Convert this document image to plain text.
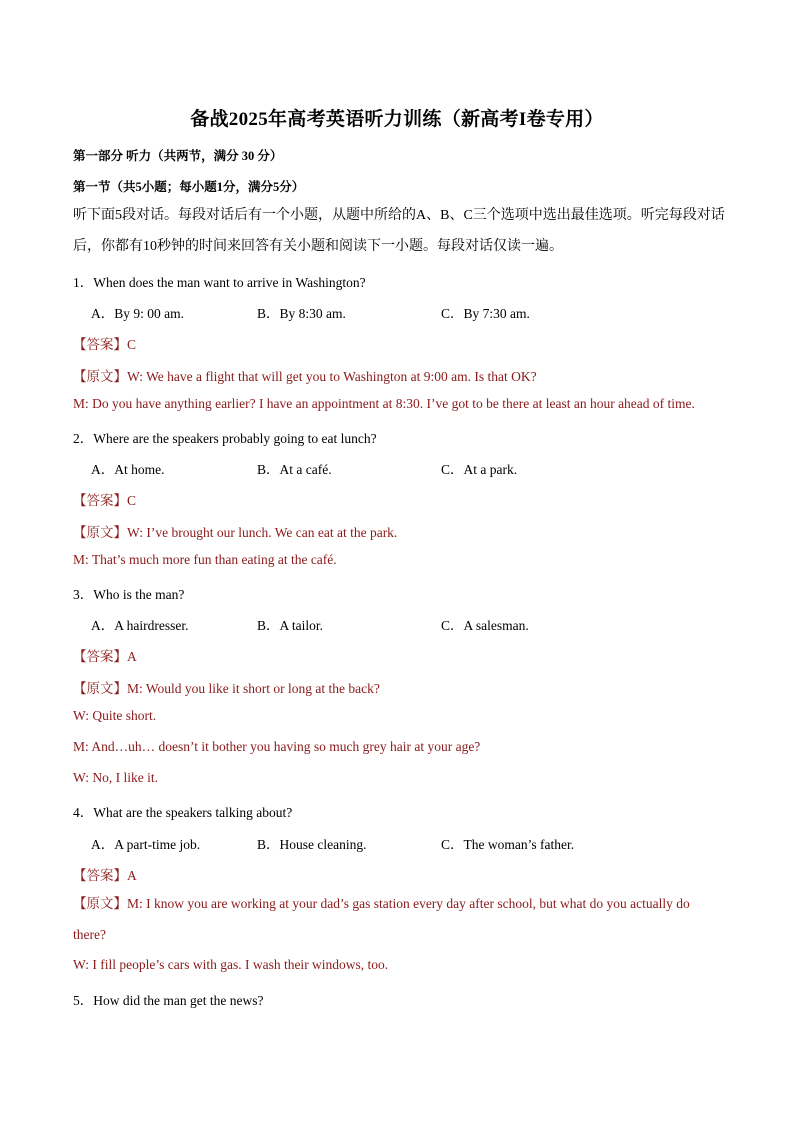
备战2025年高考英语听力训练（新高考I卷专用）
第一部分 听力（共两节，满分 30 分）
第一节（共5小题；每小题1分，满分5分）
听下面5段对话。每段对话后有一个小题，从题中所给的A、B、C三个选项中选出最佳选项。听完每段对话后，你都有10秒钟的时间来回答有关小题和阅读下一小题。每段对话仅读一遍。
1．When does the man want to arrive in Washington?
A．By 9: 00 am.	B．By 8:30 am.	C．By 7:30 am.
【答案】C
【原文】W: We have a flight that will get you to Washington at 9:00 am. Is that OK?
M: Do you have anything earlier? I have an appointment at 8:30. I’ve got to be there at least an hour ahead of time.
2．Where are the speakers probably going to eat lunch?
A．At home.	B．At a café.	C．At a park.
【答案】C
【原文】W: I’ve brought our lunch. We can eat at the park.
M: That’s much more fun than eating at the café.
3．Who is the man?
A．A hairdresser.	B．A tailor.	C．A salesman.
【答案】A
【原文】M: Would you like it short or long at the back?
W: Quite short.
M: And…uh… doesn’t it bother you having so much grey hair at your age?
W: No, I like it.
4．What are the speakers talking about?
A．A part-time job.	B．House cleaning.	C．The woman’s father.
【答案】A
【原文】M: I know you are working at your dad’s gas station every day after school, but what do you actually do there?
W: I fill people’s cars with gas. I wash their windows, too.
5．How did the man get the news?
